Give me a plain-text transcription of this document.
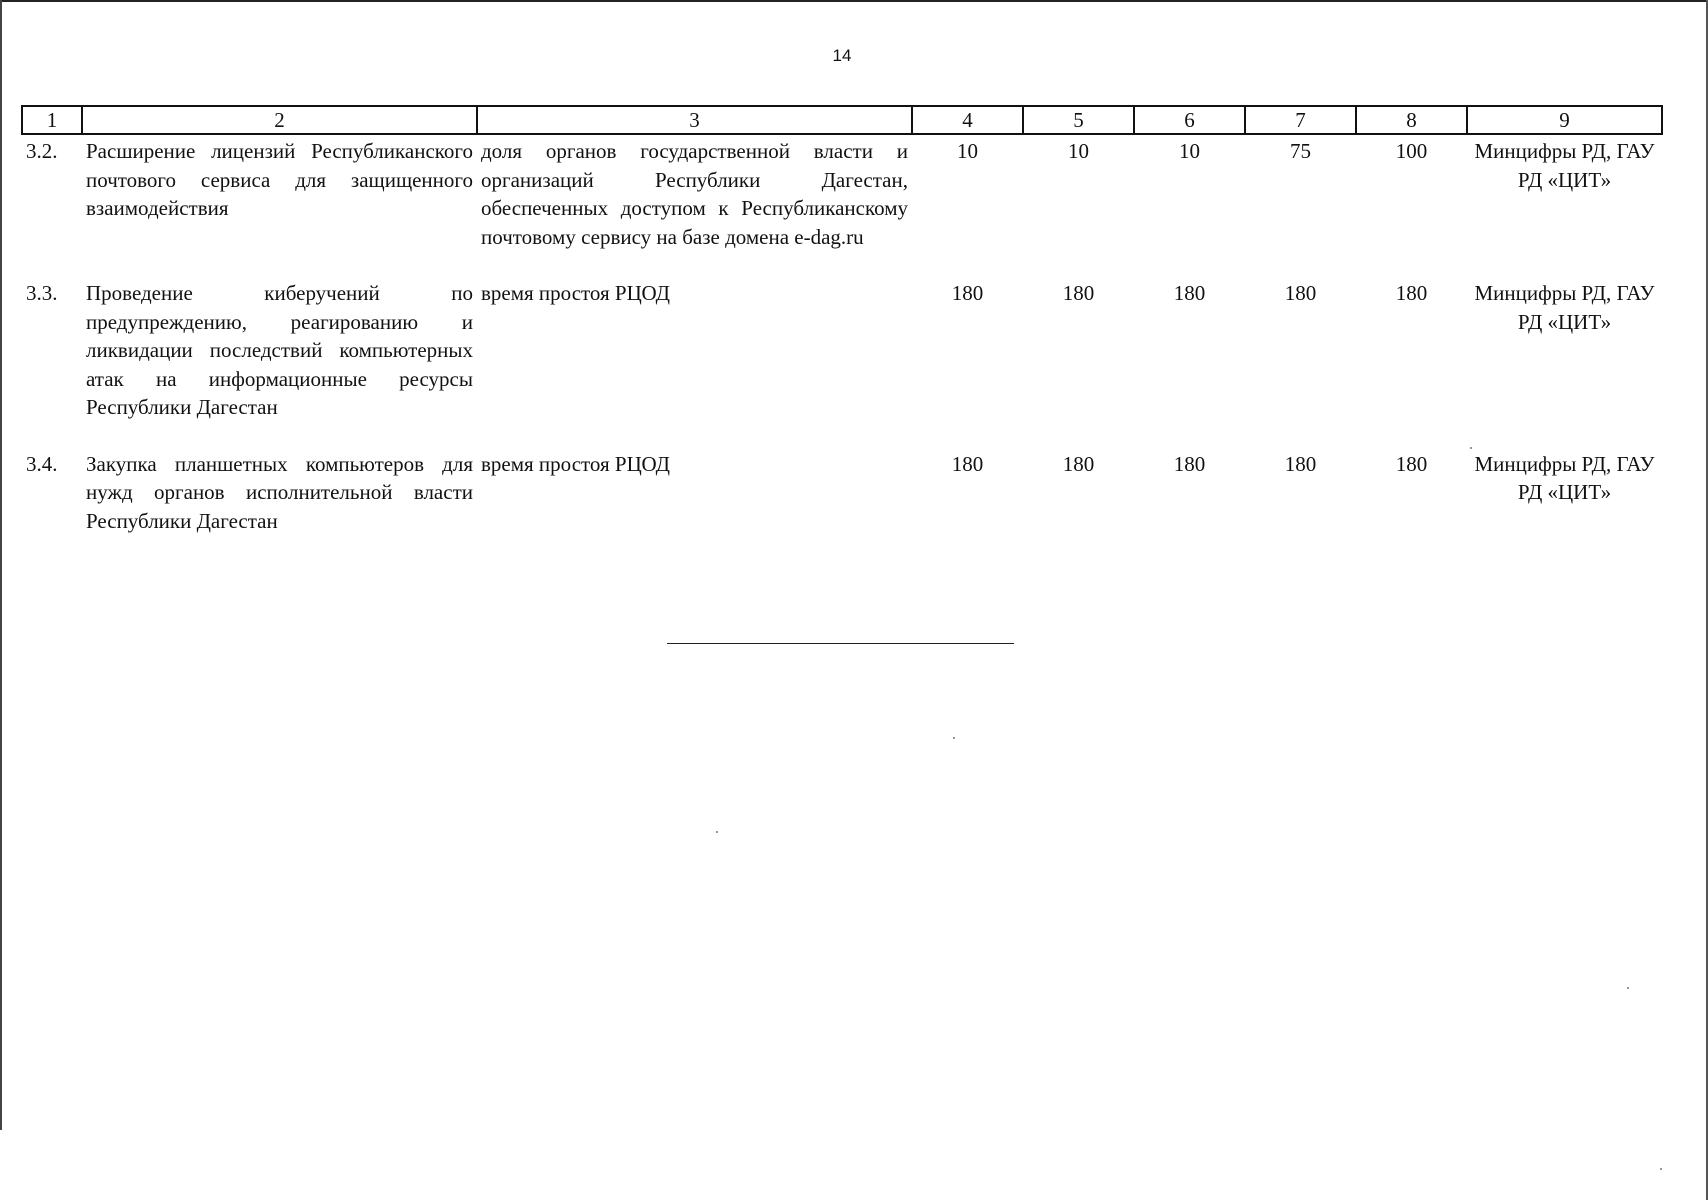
14
1	2	3	4	5	6	7	8	9
3.2.	Расширение лицензий Республиканского почтового сервиса для защищенного взаимодействия	доля органов государственной власти и организаций Республики Дагестан, обеспеченных доступом к Республиканскому почтовому сервису на базе домена e-dag.ru	10	10	10	75	100	Минцифры РД, ГАУ РД «ЦИТ»

3.3.	Проведение киберучений по предупреждению, реагированию и ликвидации последствий компьютерных атак на информационные ресурсы Республики Дагестан	время простоя РЦОД	180	180	180	180	180	Минцифры РД, ГАУ РД «ЦИТ»

3.4.	Закупка планшетных компьютеров для нужд органов исполнительной власти Республики Дагестан	время простоя РЦОД	180	180	180	180	180	Минцифры РД, ГАУ РД «ЦИТ»
